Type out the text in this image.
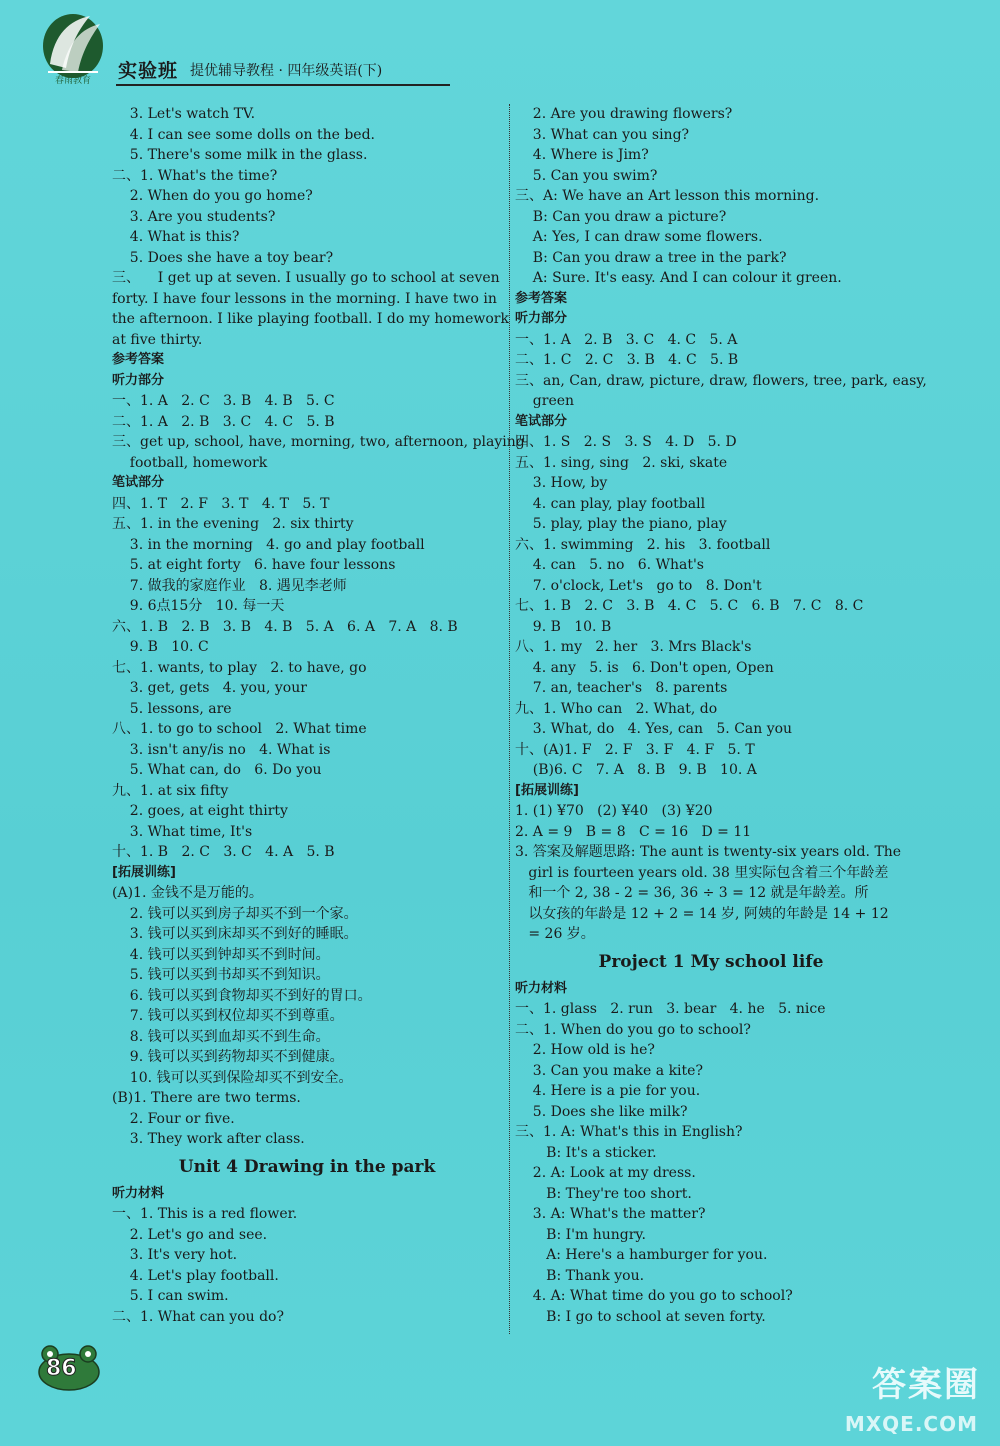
春雨教育 实验班 提优辅导教程 · 四年级英语(下)
3. Let's watch TV.
4. I can see some dolls on the bed.
5. There's some milk in the glass.
二、1. What's the time?
2. When do you go home?
3. Are you students?
4. What is this?
5. Does she have a toy bear?
三、    I get up at seven. I usually go to school at seven
forty. I have four lessons in the morning. I have two in
the afternoon. I like playing football. I do my homework
at five thirty.
参考答案
听力部分
一、1. A   2. C   3. B   4. B   5. C
二、1. A   2. B   3. C   4. C   5. B
三、get up, school, have, morning, two, afternoon, playing
football, homework
笔试部分
四、1. T   2. F   3. T   4. T   5. T
五、1. in the evening   2. six thirty
3. in the morning   4. go and play football
5. at eight forty   6. have four lessons
7. 做我的家庭作业   8. 遇见李老师
9. 6点15分   10. 每一天
六、1. B   2. B   3. B   4. B   5. A   6. A   7. A   8. B
9. B   10. C
七、1. wants, to play   2. to have, go
3. get, gets   4. you, your
5. lessons, are
八、1. to go to school   2. What time
3. isn't any/is no   4. What is
5. What can, do   6. Do you
九、1. at six fifty
2. goes, at eight thirty
3. What time, It's
十、1. B   2. C   3. C   4. A   5. B
[拓展训练]
(A)1. 金钱不是万能的。
2. 钱可以买到房子却买不到一个家。
3. 钱可以买到床却买不到好的睡眠。
4. 钱可以买到钟却买不到时间。
5. 钱可以买到书却买不到知识。
6. 钱可以买到食物却买不到好的胃口。
7. 钱可以买到权位却买不到尊重。
8. 钱可以买到血却买不到生命。
9. 钱可以买到药物却买不到健康。
10. 钱可以买到保险却买不到安全。
(B)1. There are two terms.
2. Four or five.
3. They work after class.
Unit 4 Drawing in the park
听力材料
一、1. This is a red flower.
2. Let's go and see.
3. It's very hot.
4. Let's play football.
5. I can swim.
二、1. What can you do?
2. Are you drawing flowers?
3. What can you sing?
4. Where is Jim?
5. Can you swim?
三、A: We have an Art lesson this morning.
B: Can you draw a picture?
A: Yes, I can draw some flowers.
B: Can you draw a tree in the park?
A: Sure. It's easy. And I can colour it green.
参考答案
听力部分
一、1. A   2. B   3. C   4. C   5. A
二、1. C   2. C   3. B   4. C   5. B
三、an, Can, draw, picture, draw, flowers, tree, park, easy,
green
笔试部分
四、1. S   2. S   3. S   4. D   5. D
五、1. sing, sing   2. ski, skate
3. How, by
4. can play, play football
5. play, play the piano, play
六、1. swimming   2. his   3. football
4. can   5. no   6. What's
7. o'clock, Let's   go to   8. Don't
七、1. B   2. C   3. B   4. C   5. C   6. B   7. C   8. C
9. B   10. B
八、1. my   2. her   3. Mrs Black's
4. any   5. is   6. Don't open, Open
7. an, teacher's   8. parents
九、1. Who can   2. What, do
3. What, do   4. Yes, can   5. Can you
十、(A)1. F   2. F   3. F   4. F   5. T
(B)6. C   7. A   8. B   9. B   10. A
[拓展训练]
1. (1) ¥70   (2) ¥40   (3) ¥20
2. A = 9   B = 8   C = 16   D = 11
3. 答案及解题思路: The aunt is twenty-six years old. The
girl is fourteen years old. 38 里实际包含着三个年龄差
和一个 2, 38 - 2 = 36, 36 ÷ 3 = 12 就是年龄差。所
以女孩的年龄是 12 + 2 = 14 岁, 阿姨的年龄是 14 + 12
= 26 岁。
Project 1 My school life
听力材料
一、1. glass   2. run   3. bear   4. he   5. nice
二、1. When do you go to school?
2. How old is he?
3. Can you make a kite?
4. Here is a pie for you.
5. Does she like milk?
三、1. A: What's this in English?
B: It's a sticker.
2. A: Look at my dress.
B: They're too short.
3. A: What's the matter?
B: I'm hungry.
A: Here's a hamburger for you.
B: Thank you.
4. A: What time do you go to school?
B: I go to school at seven forty.
86	答案圈
MXQE.COM
